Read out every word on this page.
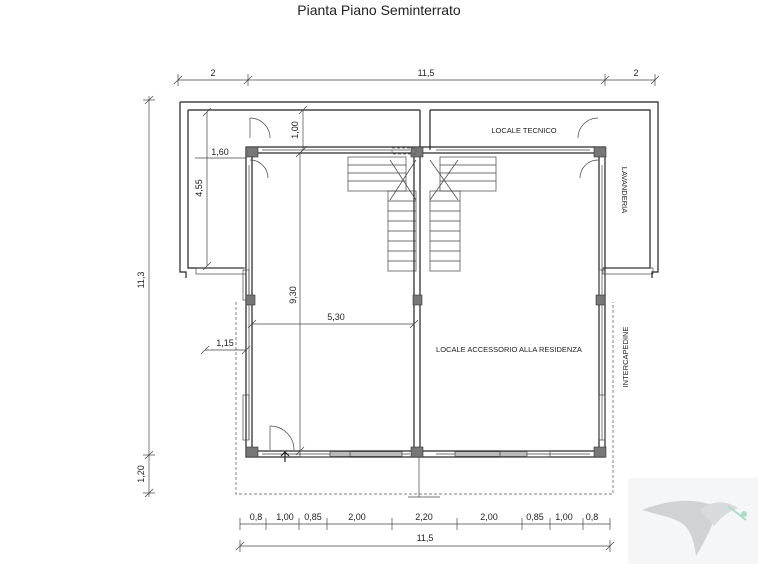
Pianta Piano Seminterrato
2	11,5	2
11,3
1,20
1,00
1,60
4,55
9,30
5,30
1,15
LOCALE TECNICO
LAVANDERIA
LOCALE ACCESSORIO ALLA RESIDENZA	INTERCAPEDINE
0,8 1,00 0,85	2,00	2,20	2,00	0,85 1,00 0,8
11,5
